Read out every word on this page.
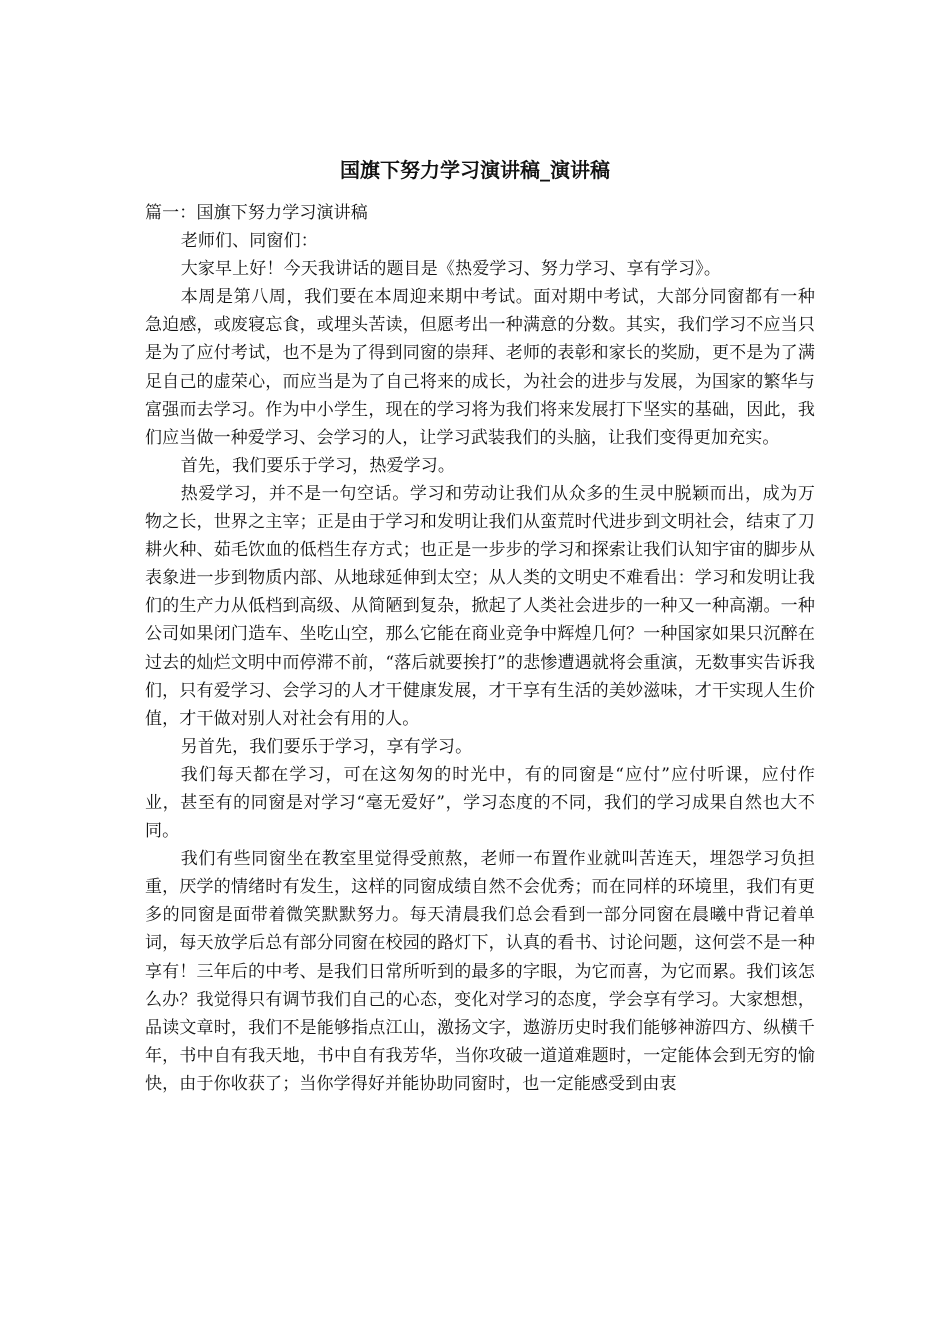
国旗下努力学习演讲稿_演讲稿

篇一：国旗下努力学习演讲稿

老师们、同窗们：

大家早上好！今天我讲话的题目是《热爱学习、努力学习、享有学习》。

本周是第八周，我们要在本周迎来期中考试。面对期中考试，大部分同窗都有一种急迫感，或废寝忘食，或埋头苦读，但愿考出一种满意的分数。其实，我们学习不应当只是为了应付考试，也不是为了得到同窗的崇拜、老师的表彰和家长的奖励，更不是为了满足自己的虚荣心，而应当是为了自己将来的成长，为社会的进步与发展，为国家的繁华与富强而去学习。作为中小学生，现在的学习将为我们将来发展打下坚实的基础，因此，我们应当做一种爱学习、会学习的人，让学习武装我们的头脑，让我们变得更加充实。

首先，我们要乐于学习，热爱学习。

热爱学习，并不是一句空话。学习和劳动让我们从众多的生灵中脱颖而出，成为万物之长，世界之主宰；正是由于学习和发明让我们从蛮荒时代进步到文明社会，结束了刀耕火种、茹毛饮血的低档生存方式；也正是一步步的学习和探索让我们认知宇宙的脚步从表象进一步到物质内部、从地球延伸到太空；从人类的文明史不难看出：学习和发明让我们的生产力从低档到高级、从简陋到复杂，掀起了人类社会进步的一种又一种高潮。一种公司如果闭门造车、坐吃山空，那么它能在商业竞争中辉煌几何？一种国家如果只沉醉在过去的灿烂文明中而停滞不前，“落后就要挨打”的悲惨遭遇就将会重演，无数事实告诉我们，只有爱学习、会学习的人才干健康发展，才干享有生活的美妙滋味，才干实现人生价值，才干做对别人对社会有用的人。

另首先，我们要乐于学习，享有学习。

我们每天都在学习，可在这匆匆的时光中，有的同窗是“应付”应付听课，应付作业，甚至有的同窗是对学习“毫无爱好”，学习态度的不同，我们的学习成果自然也大不同。

我们有些同窗坐在教室里觉得受煎熬，老师一布置作业就叫苦连天，埋怨学习负担重，厌学的情绪时有发生，这样的同窗成绩自然不会优秀；而在同样的环境里，我们有更多的同窗是面带着微笑默默努力。每天清晨我们总会看到一部分同窗在晨曦中背记着单词，每天放学后总有部分同窗在校园的路灯下，认真的看书、讨论问题，这何尝不是一种享有！三年后的中考、是我们日常所听到的最多的字眼，为它而喜，为它而累。我们该怎么办？我觉得只有调节我们自己的心态，变化对学习的态度，学会享有学习。大家想想，品读文章时，我们不是能够指点江山，激扬文字，遨游历史时我们能够神游四方、纵横千年，书中自有我天地，书中自有我芳华，当你攻破一道道难题时，一定能体会到无穷的愉快，由于你收获了；当你学得好并能协助同窗时，也一定能感受到由衷
